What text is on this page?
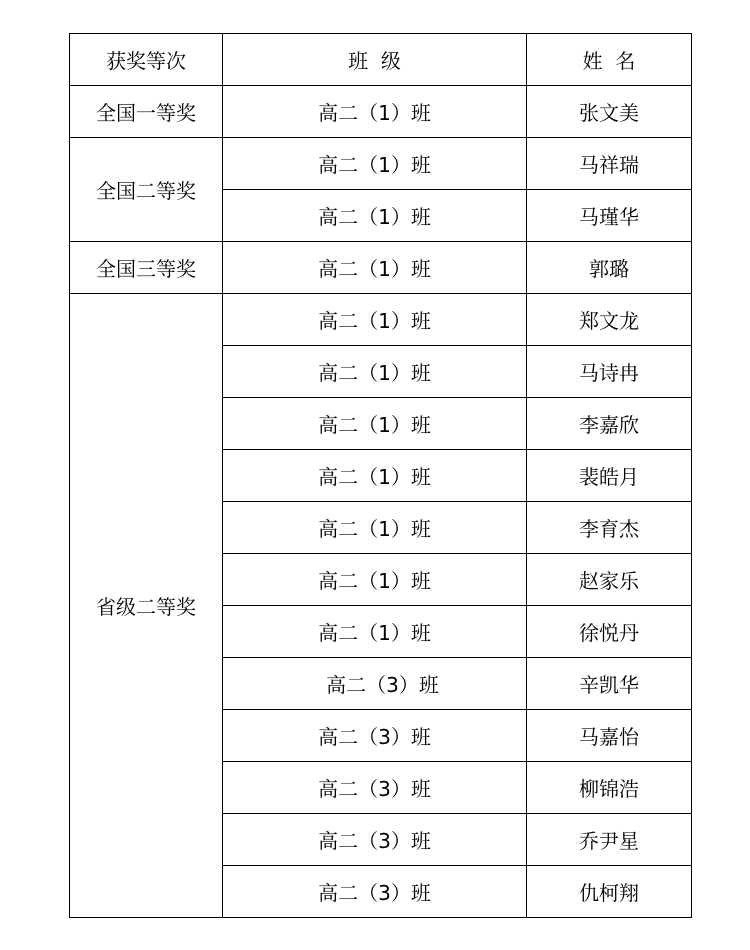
获奖等次	班  级	姓  名
全国一等奖	高二（1）班	张文美
全国二等奖	高二（1）班	马祥瑞
	高二（1）班	马瑾华
全国三等奖	高二（1）班	郭璐
省级二等奖	高二（1）班	郑文龙
	高二（1）班	马诗冉
	高二（1）班	李嘉欣
	高二（1）班	裴皓月
	高二（1）班	李育杰
	高二（1）班	赵家乐
	高二（1）班	徐悦丹
	高二（3）班	辛凯华
	高二（3）班	马嘉怡
	高二（3）班	柳锦浩
	高二（3）班	乔尹星
	高二（3）班	仇柯翔
